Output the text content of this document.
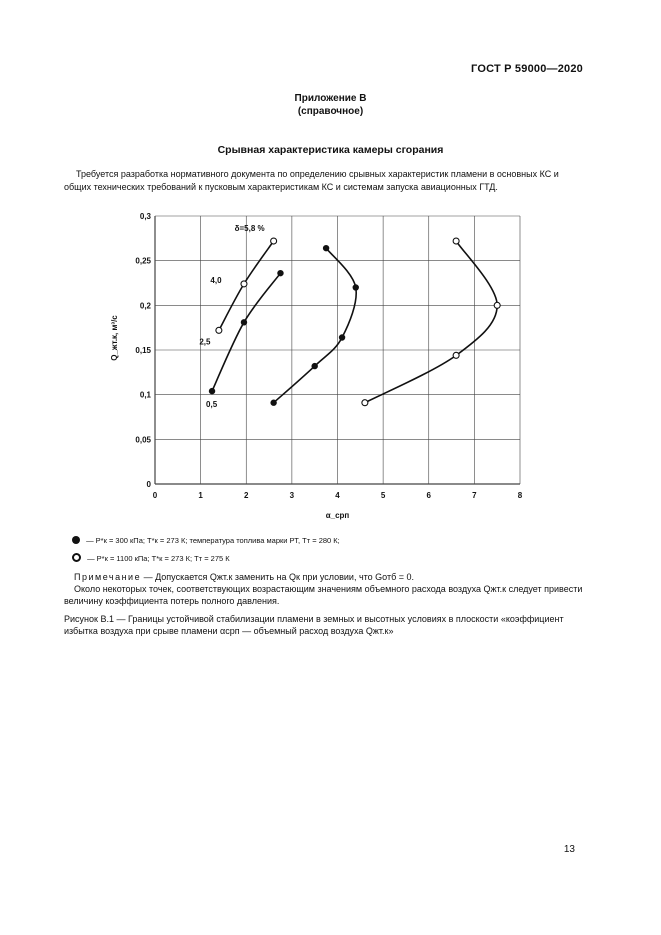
ГОСТ Р 59000—2020
Приложение В
(справочное)
Срывная характеристика камеры сгорания
Требуется разработка нормативного документа по определению срывных характеристик пламени в основных КС и общих технических требований к пусковым характеристикам КС и системам запуска авиационных ГТД.
0	1	2	3	4	5	6	7	8
0
0,05
0,1
0,15
0,2
0,25
0,3
α_срп
Q_жт.к, м³/с
δ=5,8 %
4,0
2,5
0,5
— P*к = 300 кПа; T*к = 273 К; температура топлива марки РТ, Tт = 280 К;
— P*к = 1100 кПа; T*к = 273 К; Tт = 275 К
Примечание — Допускается Qжт.к заменить на Qк при условии, что Gотб = 0.
Около некоторых точек, соответствующих возрастающим значениям объемного расхода воздуха Qжт.к следует привести величину коэффициента потерь полного давления.
Рисунок В.1 — Границы устойчивой стабилизации пламени в земных и высотных условиях в плоскости «коэффициент избытка воздуха при срыве пламени αсрп — объемный расход воздуха Qжт.к»
13
